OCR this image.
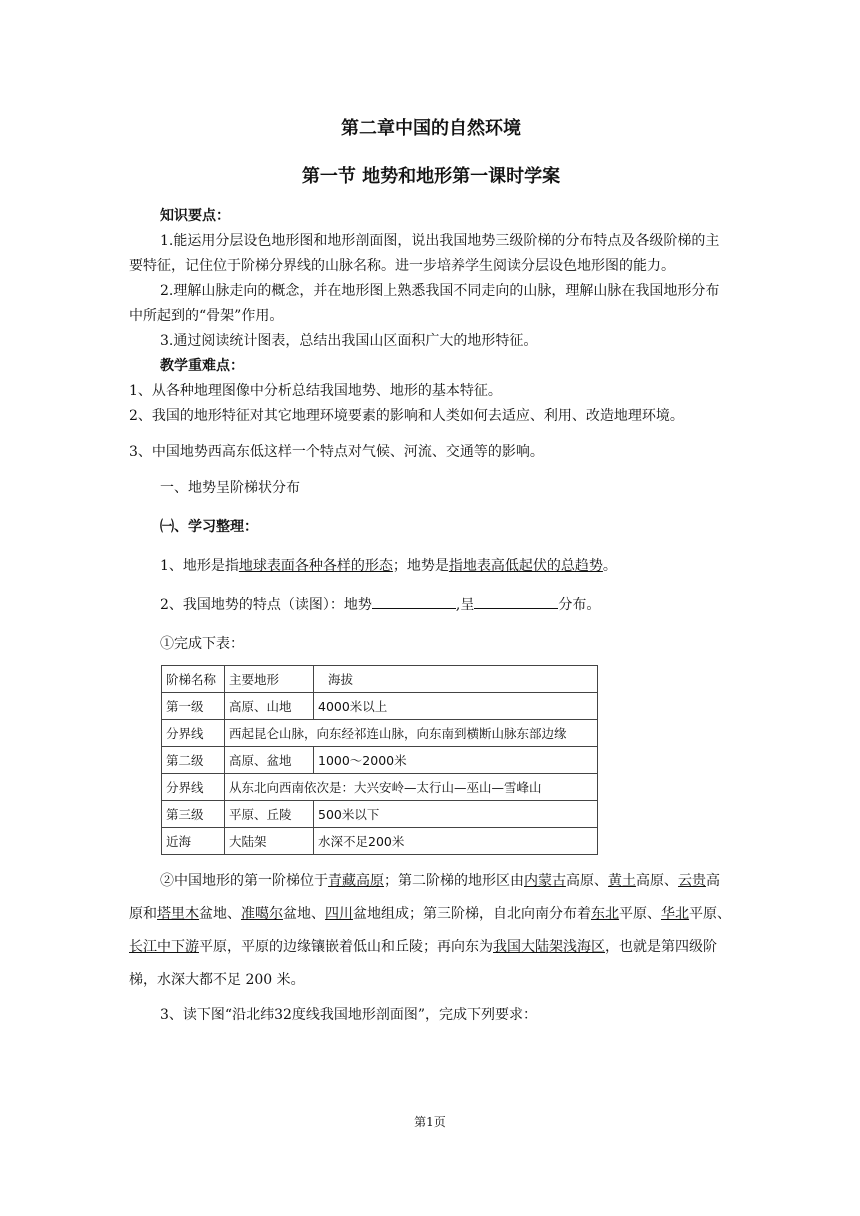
第二章中国的自然环境
第一节 地势和地形第一课时学案

知识要点：

1.能运用分层设色地形图和地形剖面图，说出我国地势三级阶梯的分布特点及各级阶梯的主要特征，记住位于阶梯分界线的山脉名称。进一步培养学生阅读分层设色地形图的能力。

2.理解山脉走向的概念，并在地形图上熟悉我国不同走向的山脉，理解山脉在我国地形分布中所起到的“骨架”作用。

3.通过阅读统计图表，总结出我国山区面积广大的地形特征。

教学重难点：

1、从各种地理图像中分析总结我国地势、地形的基本特征。

2、我国的地形特征对其它地理环境要素的影响和人类如何去适应、利用、改造地理环境。

3、中国地势西高东低这样一个特点对气候、河流、交通等的影响。

一、地势呈阶梯状分布

㈠、学习整理：

1、地形是指地球表面各种各样的形态；地势是指地表高低起伏的总趋势。

2、我国地势的特点（读图）：地势	,呈	分布。

①完成下表：

阶梯名称	主要地形	海拔
第一级	高原、山地	4000米以上
分界线	西起昆仑山脉，向东经祁连山脉，向东南到横断山脉东部边缘	
第二级	高原、盆地	1000～2000米
分界线	从东北向西南依次是：大兴安岭—太行山—巫山—雪峰山	
第三级	平原、丘陵	500米以下
近海	大陆架	水深不足200米

②中国地形的第一阶梯位于青藏高原；第二阶梯的地形区由内蒙古高原、黄土高原、云贵高原和塔里木盆地、准噶尔盆地、四川盆地组成；第三阶梯，自北向南分布着东北平原、华北平原、长江中下游平原，平原的边缘镶嵌着低山和丘陵；再向东为我国大陆架浅海区，也就是第四级阶梯，水深大都不足 200 米。

3、读下图“沿北纬32度线我国地形剖面图”，完成下列要求：

第1页
